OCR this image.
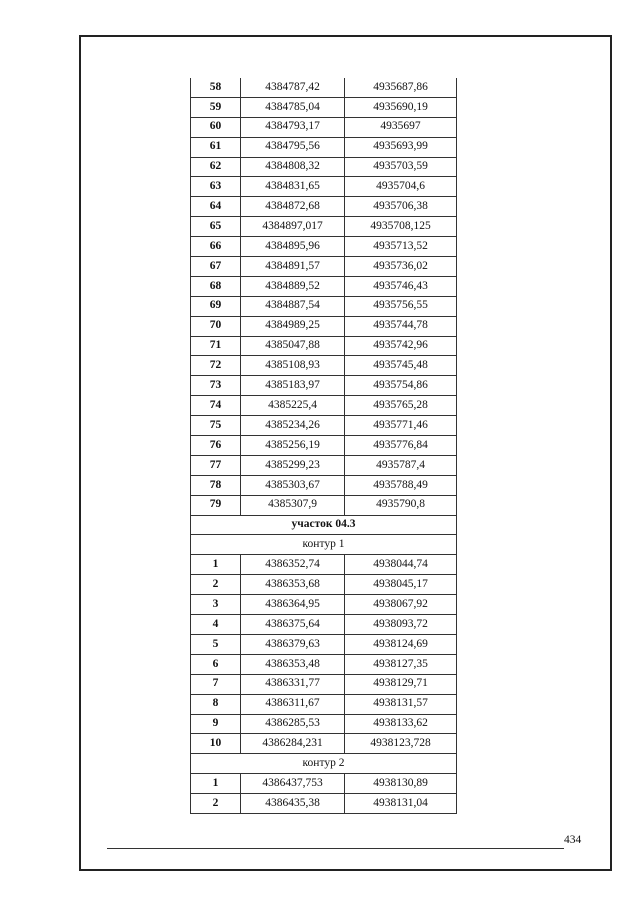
58	4384787,42	4935687,86
59	4384785,04	4935690,19
60	4384793,17	4935697
61	4384795,56	4935693,99
62	4384808,32	4935703,59
63	4384831,65	4935704,6
64	4384872,68	4935706,38
65	4384897,017	4935708,125
66	4384895,96	4935713,52
67	4384891,57	4935736,02
68	4384889,52	4935746,43
69	4384887,54	4935756,55
70	4384989,25	4935744,78
71	4385047,88	4935742,96
72	4385108,93	4935745,48
73	4385183,97	4935754,86
74	4385225,4	4935765,28
75	4385234,26	4935771,46
76	4385256,19	4935776,84
77	4385299,23	4935787,4
78	4385303,67	4935788,49
79	4385307,9	4935790,8
участок 04.3		
контур 1		
1	4386352,74	4938044,74
2	4386353,68	4938045,17
3	4386364,95	4938067,92
4	4386375,64	4938093,72
5	4386379,63	4938124,69
6	4386353,48	4938127,35
7	4386331,77	4938129,71
8	4386311,67	4938131,57
9	4386285,53	4938133,62
10	4386284,231	4938123,728
контур 2		
1	4386437,753	4938130,89
2	4386435,38	4938131,04
434
